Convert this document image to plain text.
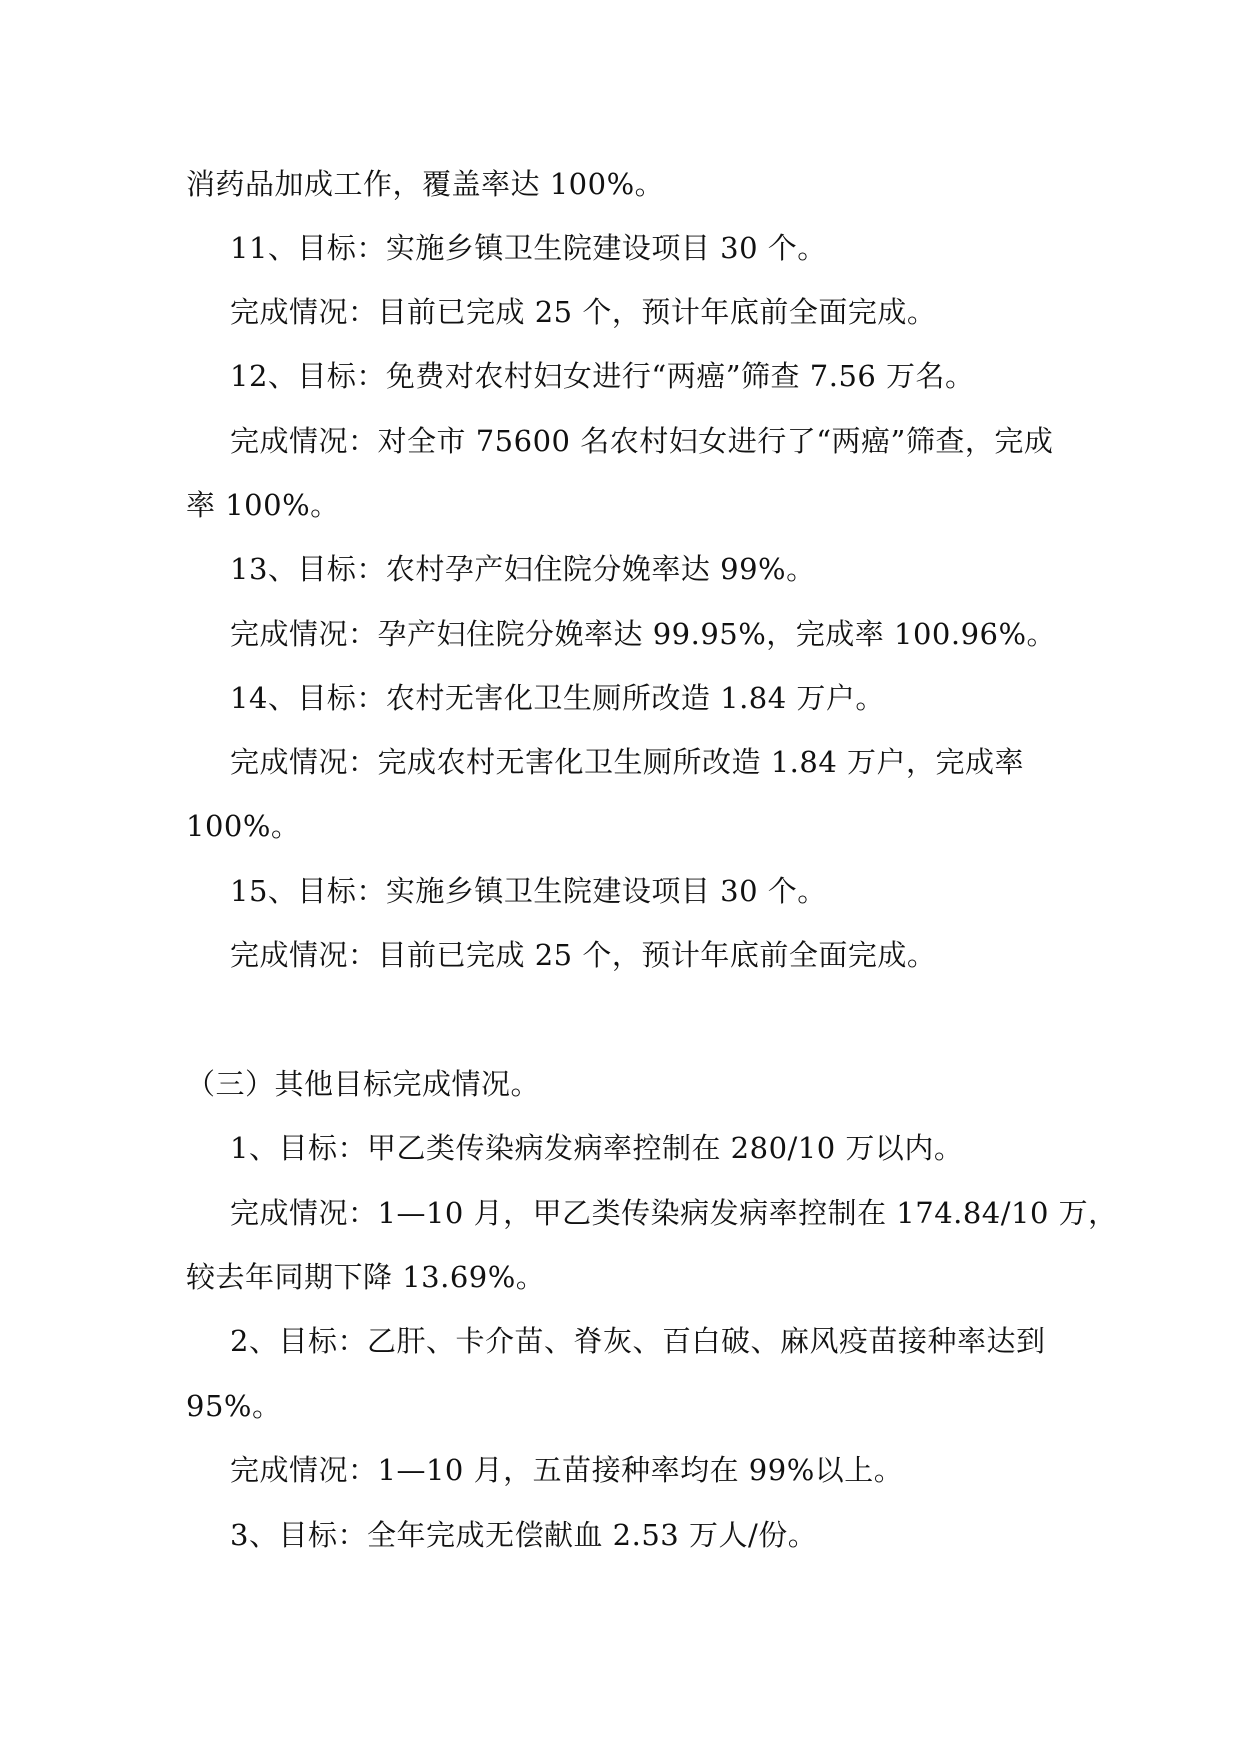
消药品加成工作，覆盖率达 100%。
11、目标：实施乡镇卫生院建设项目 30 个。
完成情况：目前已完成 25 个，预计年底前全面完成。
12、目标：免费对农村妇女进行“两癌”筛查 7.56 万名。
完成情况：对全市 75600 名农村妇女进行了“两癌”筛查，完成
率 100%。
13、目标：农村孕产妇住院分娩率达 99%。
完成情况：孕产妇住院分娩率达 99.95%，完成率 100.96%。
14、目标：农村无害化卫生厕所改造 1.84 万户。
完成情况：完成农村无害化卫生厕所改造 1.84 万户，完成率
100%。
15、目标：实施乡镇卫生院建设项目 30 个。
完成情况：目前已完成 25 个，预计年底前全面完成。
（三）其他目标完成情况。
1、目标：甲乙类传染病发病率控制在 280/10 万以内。
完成情况：1—10 月，甲乙类传染病发病率控制在 174.84/10 万，
较去年同期下降 13.69%。
2、目标：乙肝、卡介苗、脊灰、百白破、麻风疫苗接种率达到
95%。
完成情况：1—10 月，五苗接种率均在 99%以上。
3、目标：全年完成无偿献血 2.53 万人/份。
